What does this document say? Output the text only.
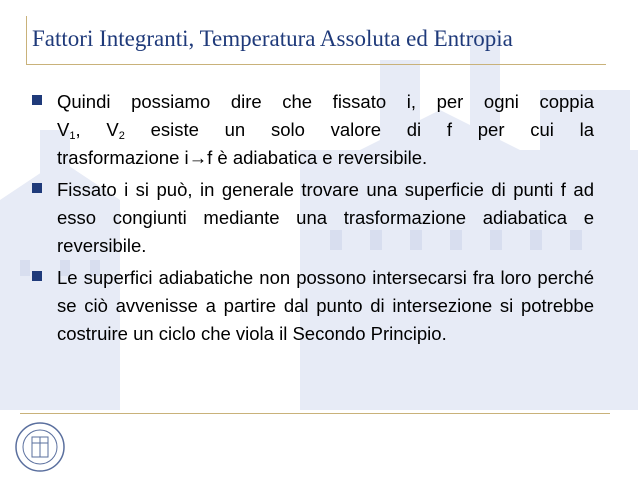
Fattori Integranti, Temperatura Assoluta ed Entropia
Quindi possiamo dire che fissato i, per ogni coppia
$V_1$, $V_2$ esiste un solo valore di f per cui la
trasformazione i→f è adiabatica e reversibile.
Fissato i si può, in generale trovare una superficie di punti f ad esso congiunti mediante una trasformazione adiabatica e reversibile.
Le superfici adiabatiche non possono intersecarsi fra loro perché se ciò avvenisse a partire dal punto di intersezione si potrebbe costruire un ciclo che viola il Secondo Principio.
